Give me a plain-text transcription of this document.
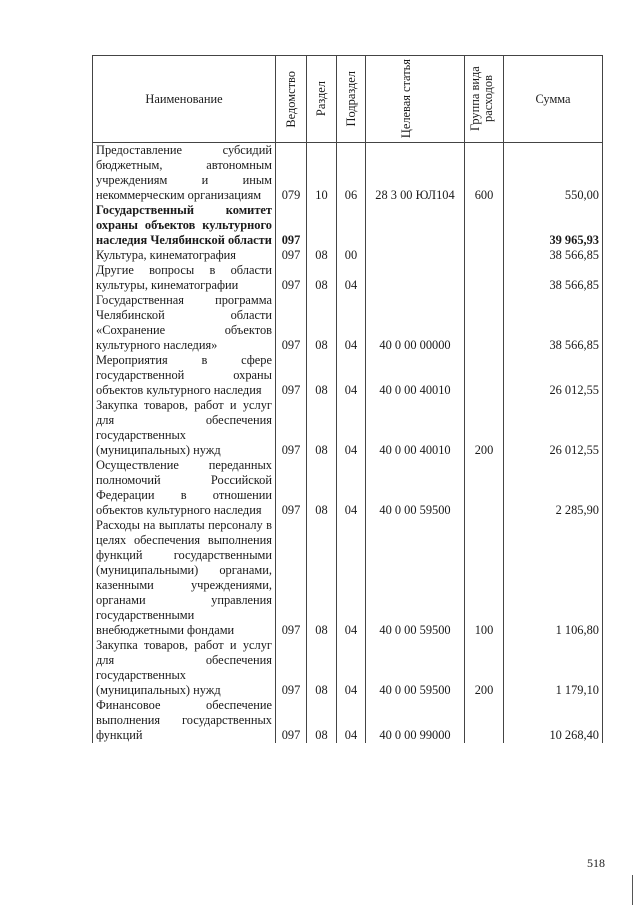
Наименование	Ведомство	Раздел	Подраздел	Целевая статья	Группа вида расходов	Сумма
Предоставление субсидий бюджетным, автономным учреждениям и иным некоммерческим организациям	079	10	06	28 3 00 ЮЛ104	600	550,00
Государственный комитет охраны объектов культурного наследия Челябинской области	097					39 965,93
Культура, кинематография	097	08	00			38 566,85
Другие вопросы в области культуры, кинематографии	097	08	04			38 566,85
Государственная программа Челябинской области «Сохранение объектов культурного наследия»	097	08	04	40 0 00 00000		38 566,85
Мероприятия в сфере государственной охраны объектов культурного наследия	097	08	04	40 0 00 40010		26 012,55
Закупка товаров, работ и услуг для обеспечения государственных (муниципальных) нужд	097	08	04	40 0 00 40010	200	26 012,55
Осуществление переданных полномочий Российской Федерации в отношении объектов культурного наследия	097	08	04	40 0 00 59500		2 285,90
Расходы на выплаты персоналу в целях обеспечения выполнения функций государственными (муниципальными) органами, казенными учреждениями, органами управления государственными внебюджетными фондами	097	08	04	40 0 00 59500	100	1 106,80
Закупка товаров, работ и услуг для обеспечения государственных (муниципальных) нужд	097	08	04	40 0 00 59500	200	1 179,10
Финансовое обеспечение выполнения государственных функций	097	08	04	40 0 00 99000		10 268,40
518
